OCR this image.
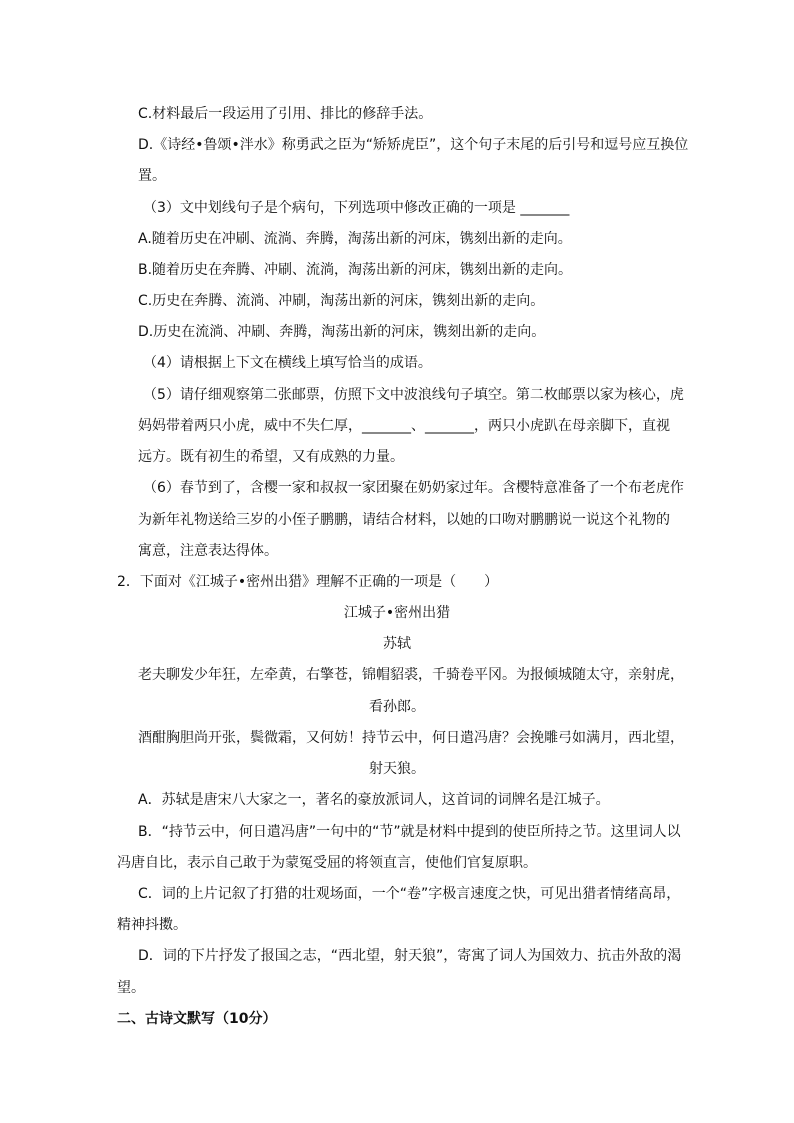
C.材料最后一段运用了引用、排比的修辞手法。
D.《诗经•鲁颂•泮水》称勇武之臣为“矫矫虎臣”，这个句子末尾的后引号和逗号应互换位
置。
（3）文中划线句子是个病句，下列选项中修改正确的一项是 _______
A.随着历史在冲刷、流淌、奔腾，淘荡出新的河床，镌刻出新的走向。
B.随着历史在奔腾、冲刷、流淌，淘荡出新的河床，镌刻出新的走向。
C.历史在奔腾、流淌、冲刷，淘荡出新的河床，镌刻出新的走向。
D.历史在流淌、冲刷、奔腾，淘荡出新的河床，镌刻出新的走向。
（4）请根据上下文在横线上填写恰当的成语。
（5）请仔细观察第二张邮票，仿照下文中波浪线句子填空。第二枚邮票以家为核心，虎
妈妈带着两只小虎，威中不失仁厚，_______、_______，两只小虎趴在母亲脚下，直视
远方。既有初生的希望，又有成熟的力量。
（6）春节到了，含樱一家和叔叔一家团聚在奶奶家过年。含樱特意准备了一个布老虎作
为新年礼物送给三岁的小侄子鹏鹏，请结合材料，以她的口吻对鹏鹏说一说这个礼物的
寓意，注意表达得体。
2．下面对《江城子•密州出猎》理解不正确的一项是（　　）
江城子•密州出猎
苏轼
老夫聊发少年狂，左牵黄，右擎苍，锦帽貂裘，千骑卷平冈。为报倾城随太守，亲射虎，
看孙郎。
酒酣胸胆尚开张，鬓微霜，又何妨！持节云中，何日遣冯唐？会挽雕弓如满月，西北望，
射天狼。
A．苏轼是唐宋八大家之一，著名的豪放派词人，这首词的词牌名是江城子。
B．“持节云中，何日遣冯唐”一句中的“节”就是材料中提到的使臣所持之节。这里词人以
冯唐自比，表示自己敢于为蒙冤受屈的将领直言，使他们官复原职。
C．词的上片记叙了打猎的壮观场面，一个“卷”字极言速度之快，可见出猎者情绪高昂，
精神抖擞。
D．词的下片抒发了报国之志，“西北望，射天狼”，寄寓了词人为国效力、抗击外敌的渴
望。
二、古诗文默写（10分）
